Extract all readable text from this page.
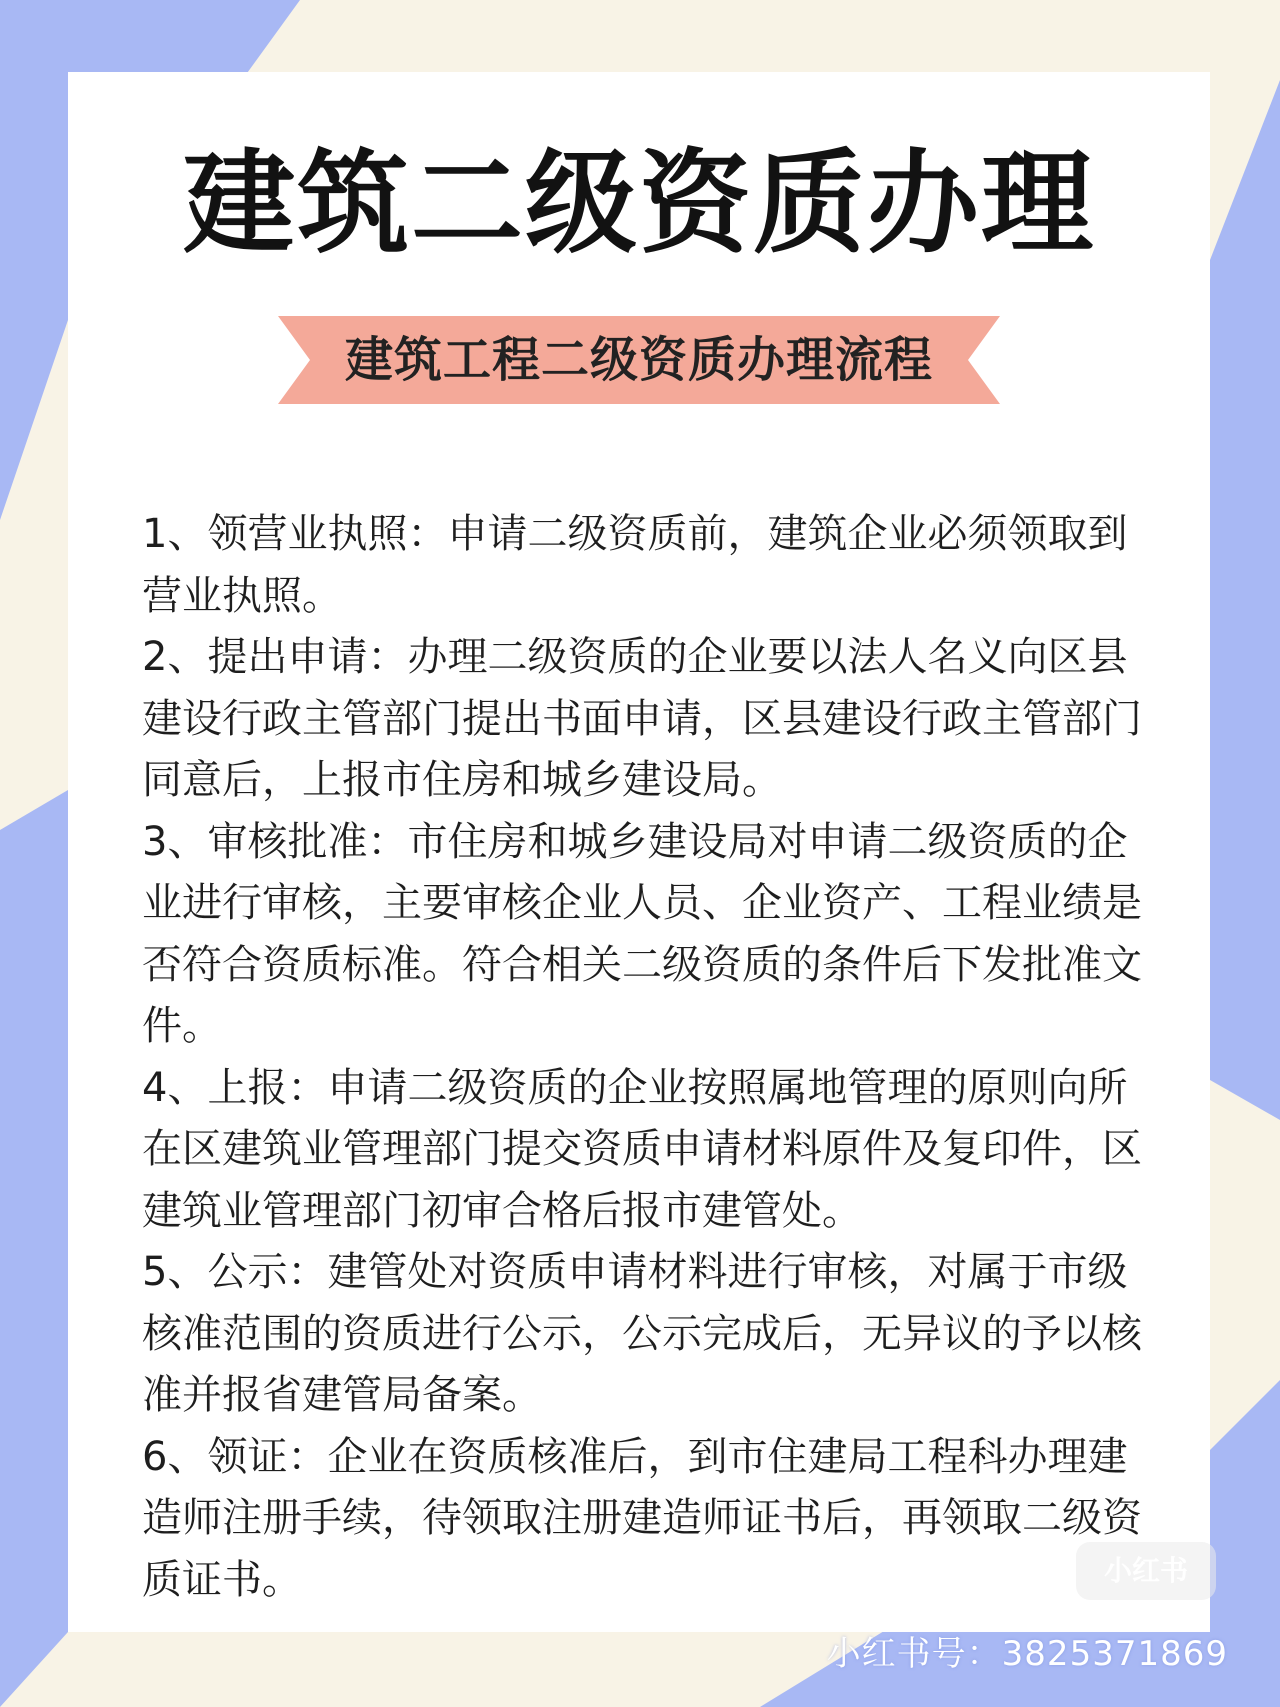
建筑二级资质办理
建筑工程二级资质办理流程
1、领营业执照：申请二级资质前，建筑企业必须领取到营业执照。
2、提出申请：办理二级资质的企业要以法人名义向区县建设行政主管部门提出书面申请，区县建设行政主管部门同意后，上报市住房和城乡建设局。
3、审核批准：市住房和城乡建设局对申请二级资质的企业进行审核，主要审核企业人员、企业资产、工程业绩是否符合资质标准。符合相关二级资质的条件后下发批准文件。
4、上报：申请二级资质的企业按照属地管理的原则向所在区建筑业管理部门提交资质申请材料原件及复印件，区建筑业管理部门初审合格后报市建管处。
5、公示：建管处对资质申请材料进行审核，对属于市级核准范围的资质进行公示，公示完成后，无异议的予以核准并报省建管局备案。
6、领证：企业在资质核准后，到市住建局工程科办理建造师注册手续，待领取注册建造师证书后，再领取二级资质证书。	小红书
小红书号：3825371869
